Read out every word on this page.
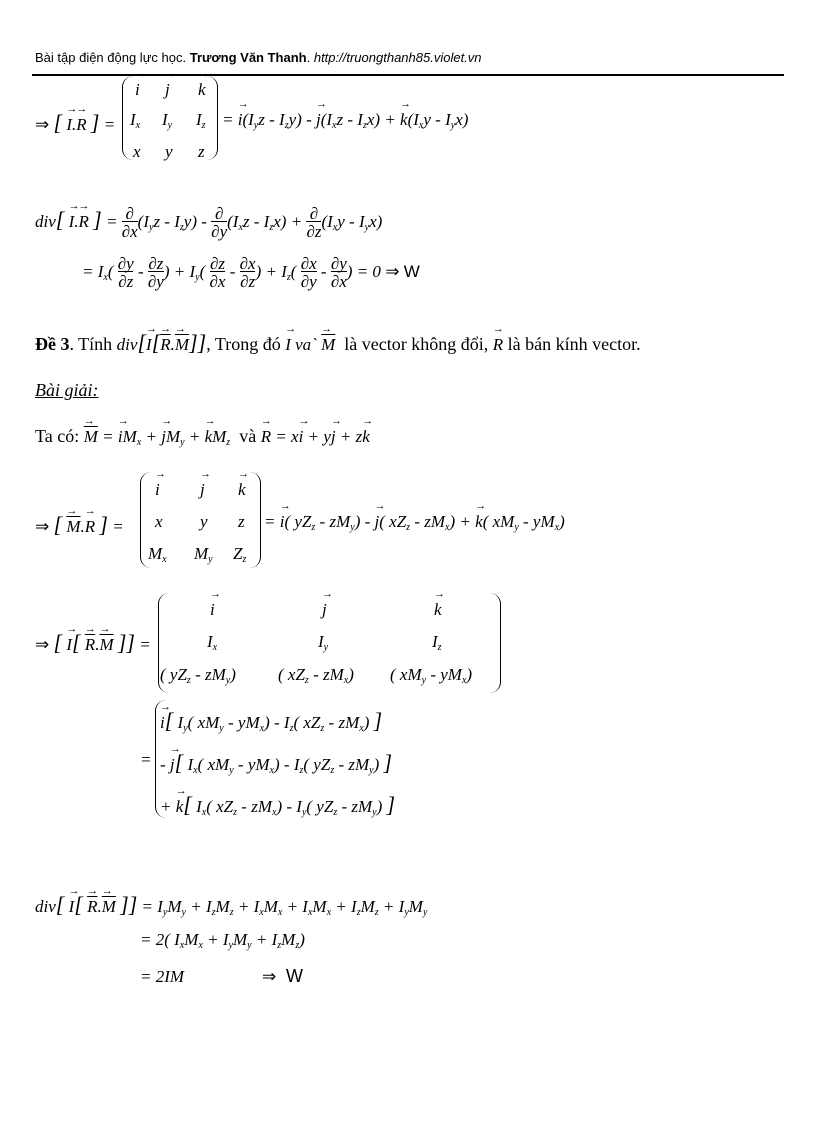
Bài tập điện động lực học. Trương Văn Thanh. http://truongthanh85.violet.vn
⇒ [ → I.→ R ] =
→ i → j → k
$I_x$ $I_y$ $I_z$
x y z
= → $i(I_yz - I_zy)$ - → $j(I_xz - I_zx)$ + → $k(I_xy - I_yx)$
div[ → I.→ R ] = ∂
$\partial x(I_yz - I_zy)$ - ∂
$\partial y(I_xz - I_zx)$ + ∂
$\partial z(I_xy - I_yx)$
= $I_x$( ∂y
∂z - ∂z
$\partial y) + I_y$( ∂z
∂x - ∂x
$\partial z) + I_z$( ∂x
∂y - ∂y
∂x) = 0 ⇒ W
Đề 3. Tính $div[\to I[\to \overline{R}.\to \overline{M}]]$, Trong đó → I va` → $\overline{M}$ là vector không đổi, → R là bán kính vector.
Bài giải:
Ta có: → $\overline{M}$ = → $iM_x$ + → $jM_y$ + → $kM_z$ và → R = x→ i + y→ j + z→ k
⇒ [ → $\overline{M}.\to R$ ] =
→ i → j → k
x y z
$M_x$ $M_y$ $Z_z$
= → i( $yZ_z - zM_y$) - → j( $xZ_z - zM_x$) + → k( $xM_y - yM_x$)
⇒ [ → $I[ \to \overline{R}.\to \overline{M}$ ]] =
→ i	→ j	→ k
$I_x$	$I_y$	$I_z$
( $yZ_z - zM_y$) ( $xZ_z - zM_x$) ( $xM_y - yM_x$)
=
→ i[ $I_y$( $xM_y - yM_x) - I_z$( $xZ_z - zM_x$) ]
- → j[ $I_x$( $xM_y - yM_x) - I_z$( $yZ_z - zM_y$) ]
+ → k[ $I_x$( $xZ_z - zM_x) - I_y$( $yZ_z - zM_y$) ]
$div[ \to I[ \to \overline{R}.\to \overline{M}$ ]] = $I_yM_y + I_zM_z + I_xM_x + I_xM_x + I_zM_z + I_yM_y$
= 2( $I_xM_x + I_yM_y + I_zM_z$)
= 2IM	⇒ W
